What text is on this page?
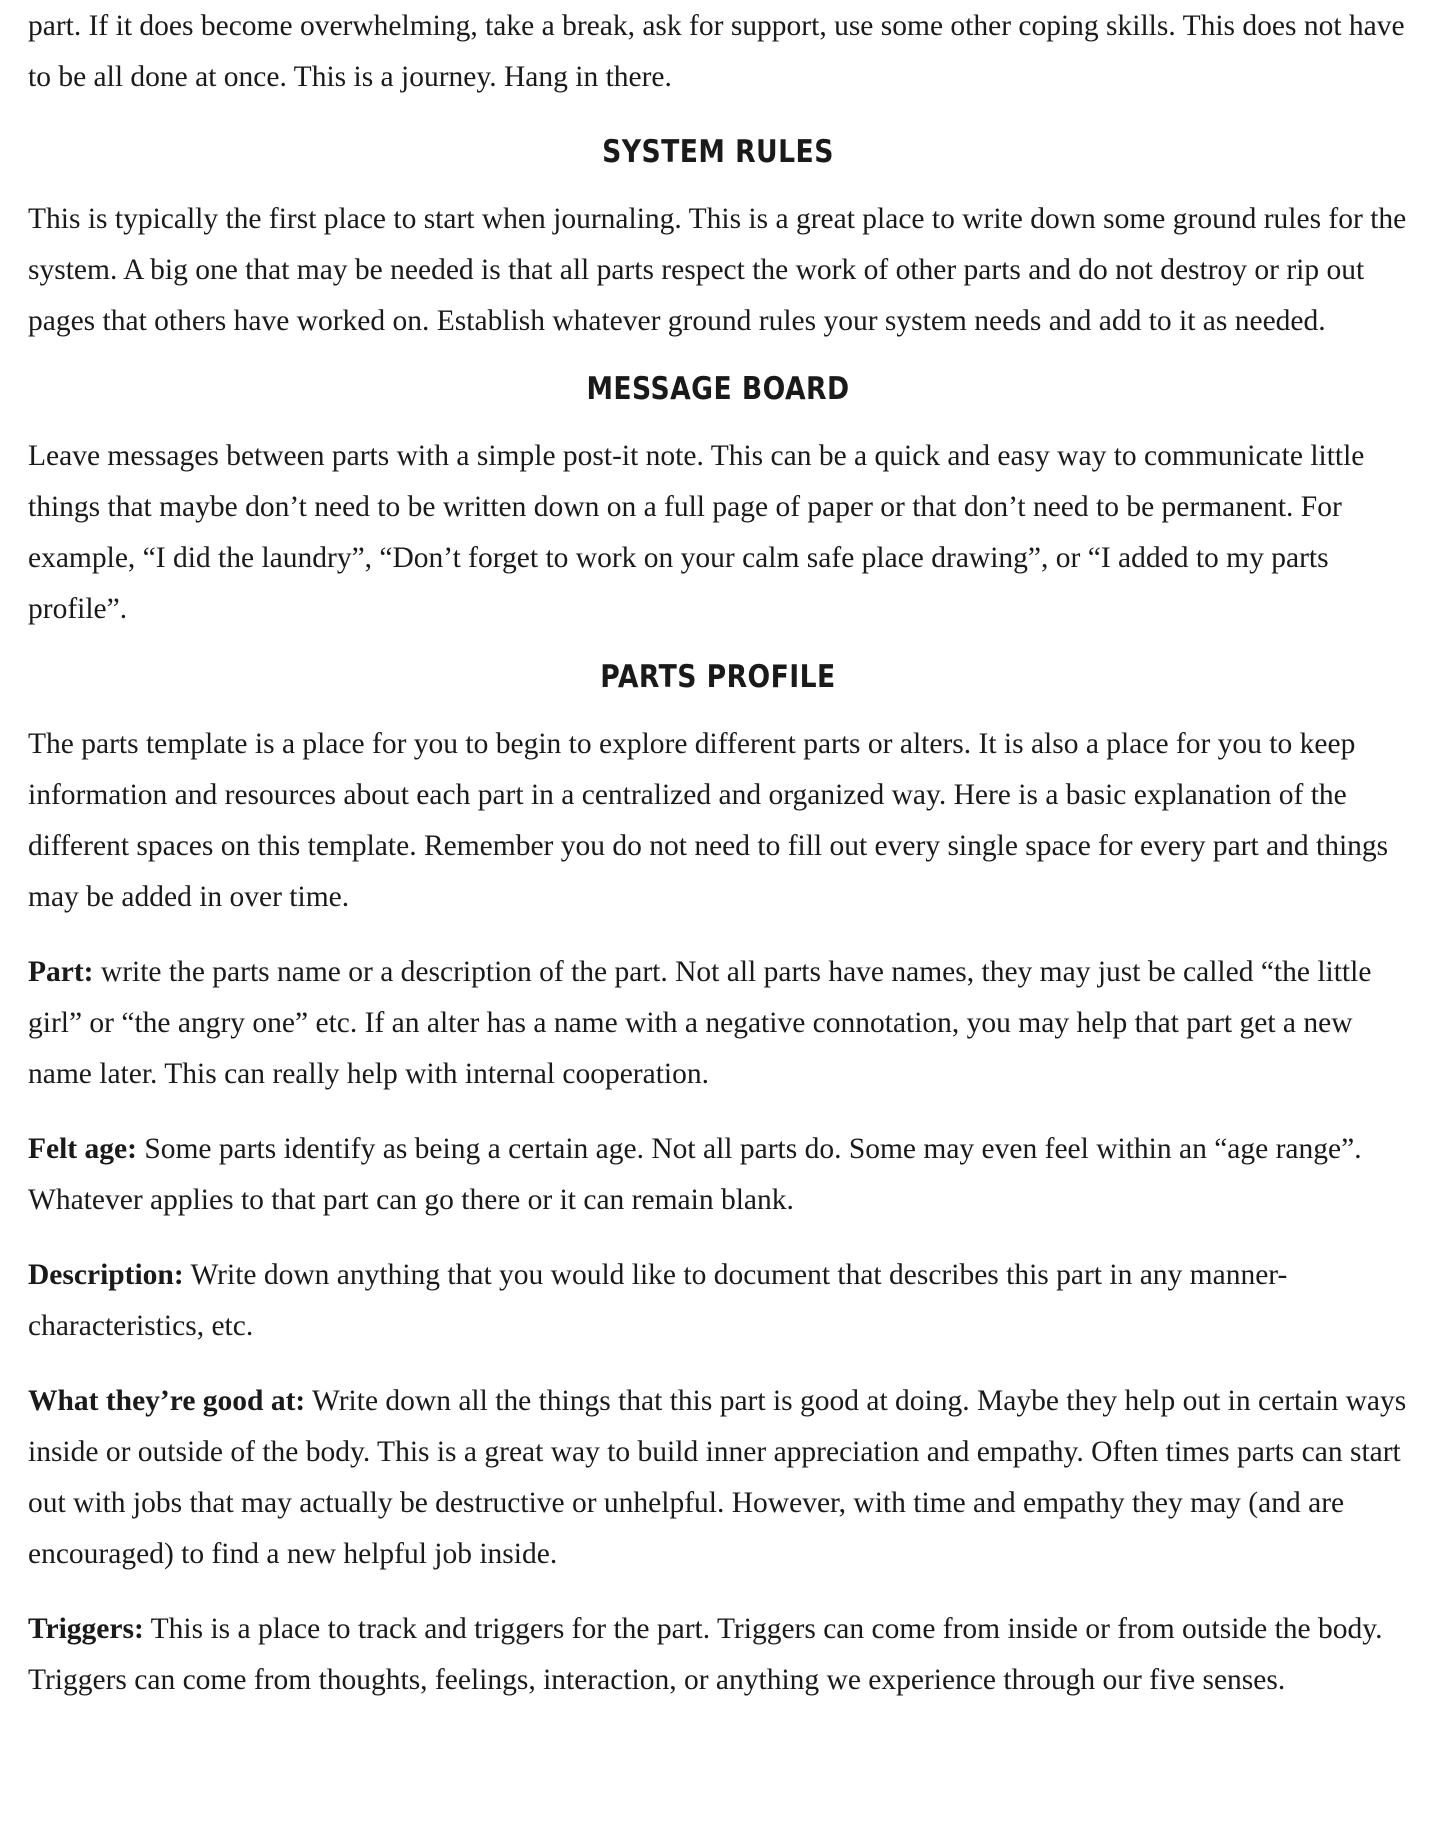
part. If it does become overwhelming, take a break, ask for support, use some other coping skills. This does not have to be all done at once. This is a journey. Hang in there.

SYSTEM RULES

This is typically the first place to start when journaling. This is a great place to write down some ground rules for the system. A big one that may be needed is that all parts respect the work of other parts and do not destroy or rip out pages that others have worked on. Establish whatever ground rules your system needs and add to it as needed.

MESSAGE BOARD

Leave messages between parts with a simple post-it note. This can be a quick and easy way to communicate little things that maybe don’t need to be written down on a full page of paper or that don’t need to be permanent. For example, “I did the laundry”, “Don’t forget to work on your calm safe place drawing”, or “I added to my parts profile”.

PARTS PROFILE

The parts template is a place for you to begin to explore different parts or alters. It is also a place for you to keep information and resources about each part in a centralized and organized way. Here is a basic explanation of the different spaces on this template. Remember you do not need to fill out every single space for every part and things may be added in over time.

Part: write the parts name or a description of the part. Not all parts have names, they may just be called “the little girl” or “the angry one” etc. If an alter has a name with a negative connotation, you may help that part get a new name later. This can really help with internal cooperation.

Felt age: Some parts identify as being a certain age. Not all parts do. Some may even feel within an “age range”. Whatever applies to that part can go there or it can remain blank.

Description: Write down anything that you would like to document that describes this part in any manner- characteristics, etc.

What they’re good at: Write down all the things that this part is good at doing. Maybe they help out in certain ways inside or outside of the body. This is a great way to build inner appreciation and empathy. Often times parts can start out with jobs that may actually be destructive or unhelpful. However, with time and empathy they may (and are encouraged) to find a new helpful job inside.

Triggers: This is a place to track and triggers for the part. Triggers can come from inside or from outside the body. Triggers can come from thoughts, feelings, interaction, or anything we experience through our five senses.
